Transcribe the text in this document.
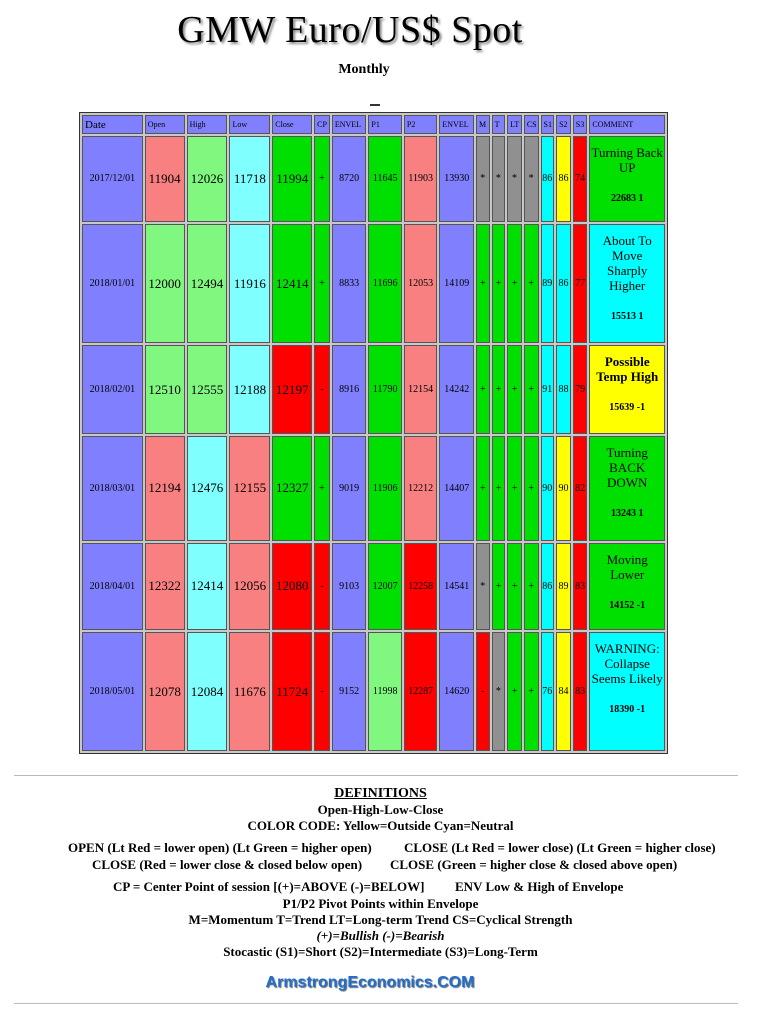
GMW Euro/US$ Spot
Monthly
Date	Open	High	Low	Close	CP	ENVEL	P1	P2	ENVEL	M	T	LT	CS	S1	S2	S3	COMMENT
2017/12/01	11904	12026	11718	11994	+	8720	11645	11903	13930	*	*	*	*	86	86	74	Turning Back UP
22683 1

2018/01/01	12000	12494	11916	12414	+	8833	11696	12053	14109	+	+	+	+	89	86	77	About To Move Sharply Higher
15513 1

2018/02/01	12510	12555	12188	12197	-	8916	11790	12154	14242	+	+	+	+	91	88	79	Possible Temp High
15639 -1

2018/03/01	12194	12476	12155	12327	+	9019	11906	12212	14407	+	+	+	+	90	90	82	Turning BACK DOWN
13243 1

2018/04/01	12322	12414	12056	12080	-	9103	12007	12258	14541	*	+	+	+	86	89	83	Moving Lower
14152 -1

2018/05/01	12078	12084	11676	11724	-	9152	11998	12287	14620	-	*	+	+	76	84	83	WARNING: Collapse Seems Likely
18390 -1
DEFINITIONS
Open-High-Low-Close
COLOR CODE: Yellow=Outside Cyan=Neutral
OPEN (Lt Red = lower open) (Lt Green = higher open) CLOSE (Lt Red = lower close) (Lt Green = higher close)
CLOSE (Red = lower close & closed below open) CLOSE (Green = higher close & closed above open)
CP = Center Point of session [(+)=ABOVE (-)=BELOW] ENV Low & High of Envelope
P1/P2 Pivot Points within Envelope
M=Momentum T=Trend LT=Long-term Trend CS=Cyclical Strength
(+)=Bullish (-)=Bearish
Stocastic (S1)=Short (S2)=Intermediate (S3)=Long-Term
ArmstrongEconomics.COM
